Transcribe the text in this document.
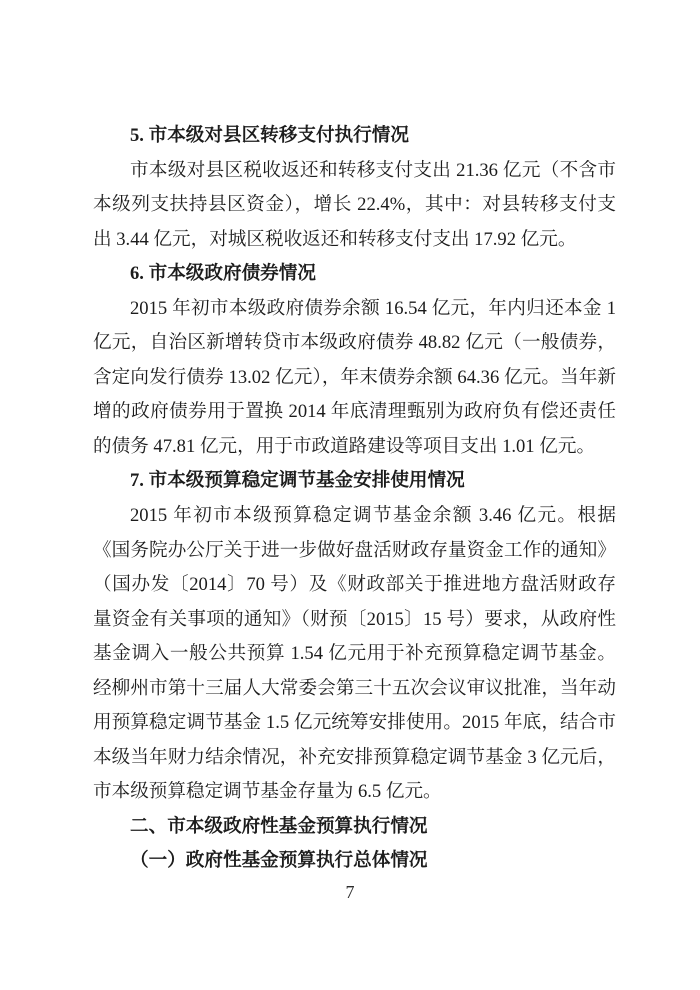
5. 市本级对县区转移支付执行情况

市本级对县区税收返还和转移支付支出 21.36 亿元（不含市本级列支扶持县区资金），增长 22.4%，其中：对县转移支付支出 3.44 亿元，对城区税收返还和转移支付支出 17.92 亿元。

6. 市本级政府债券情况

2015 年初市本级政府债券余额 16.54 亿元，年内归还本金 1 亿元，自治区新增转贷市本级政府债券 48.82 亿元（一般债券，含定向发行债券 13.02 亿元），年末债券余额 64.36 亿元。当年新增的政府债券用于置换 2014 年底清理甄别为政府负有偿还责任的债务 47.81 亿元，用于市政道路建设等项目支出 1.01 亿元。

7. 市本级预算稳定调节基金安排使用情况

2015 年初市本级预算稳定调节基金余额 3.46 亿元。根据《国务院办公厅关于进一步做好盘活财政存量资金工作的通知》（国办发〔2014〕70 号）及《财政部关于推进地方盘活财政存量资金有关事项的通知》（财预〔2015〕15 号）要求，从政府性基金调入一般公共预算 1.54 亿元用于补充预算稳定调节基金。经柳州市第十三届人大常委会第三十五次会议审议批准，当年动用预算稳定调节基金 1.5 亿元统筹安排使用。2015 年底，结合市本级当年财力结余情况，补充安排预算稳定调节基金 3 亿元后，市本级预算稳定调节基金存量为 6.5 亿元。

二、市本级政府性基金预算执行情况

（一）政府性基金预算执行总体情况

7
